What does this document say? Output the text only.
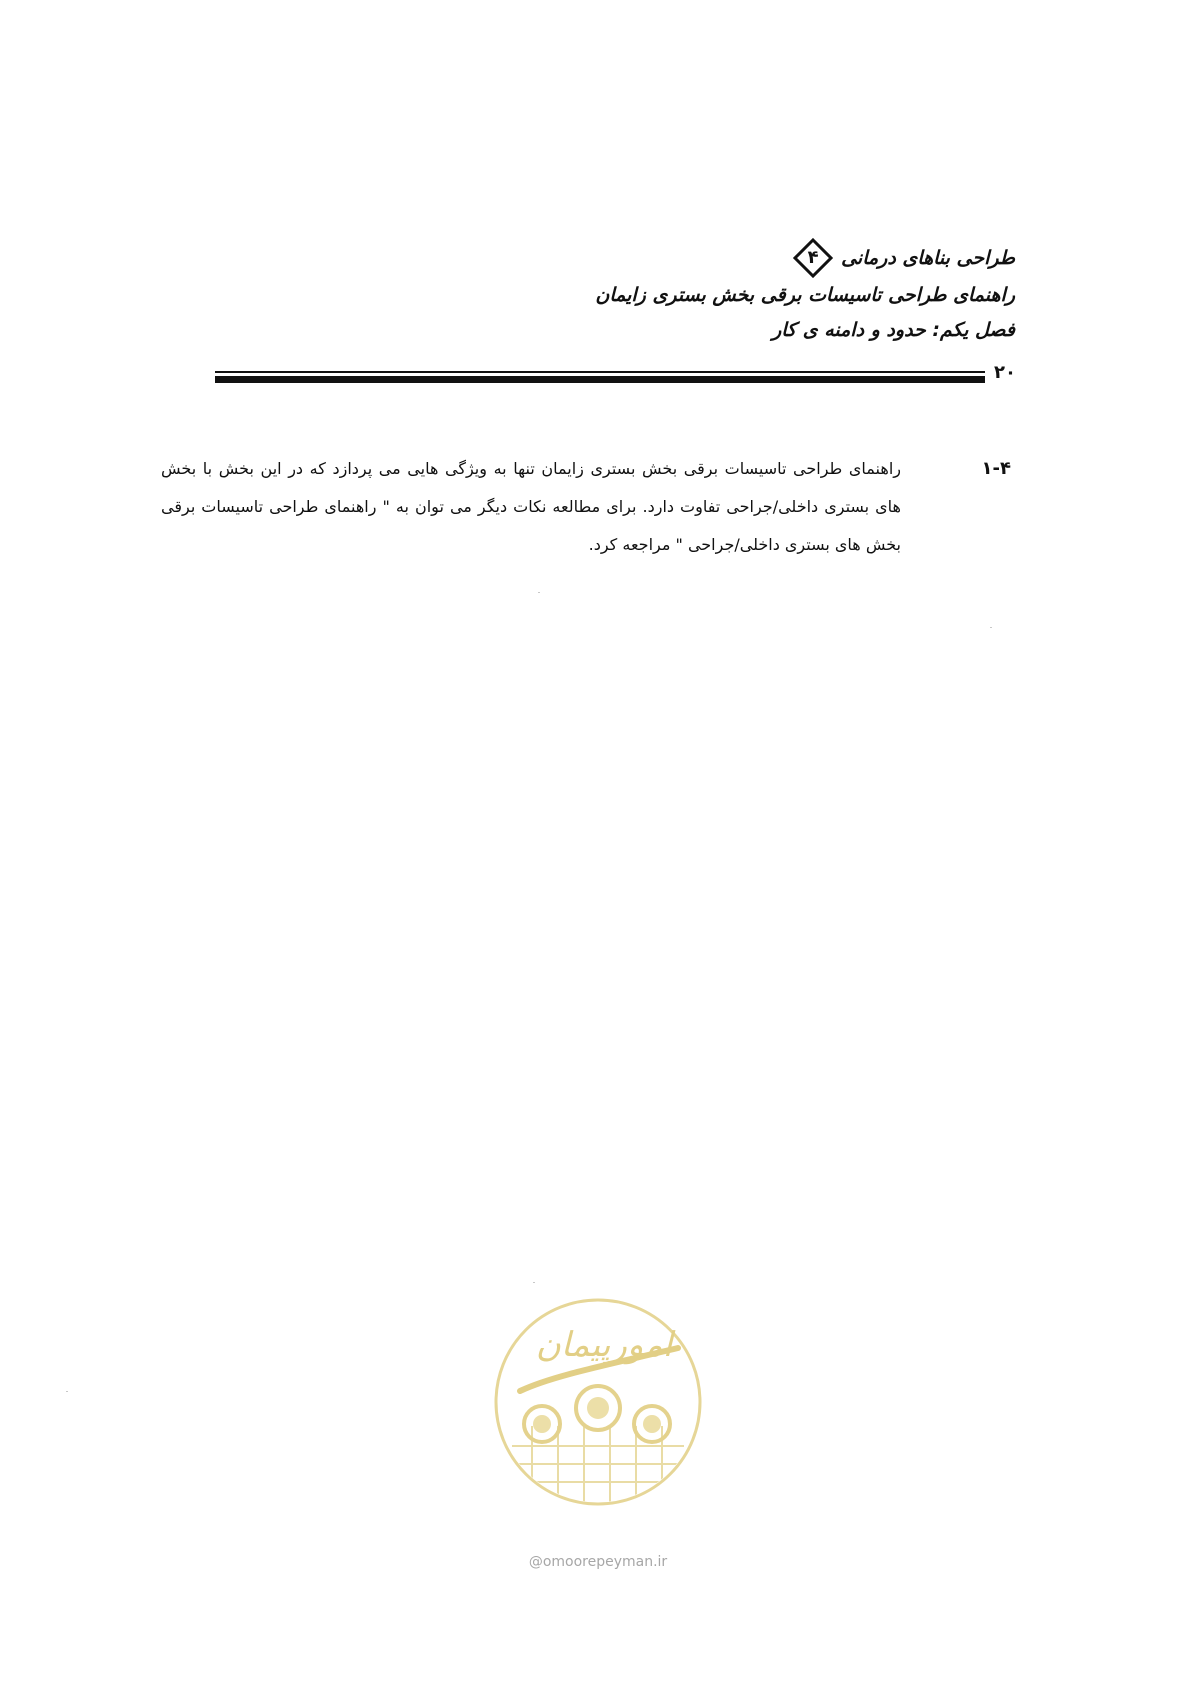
طراحی بناهای درمانی
۴
راهنمای طراحی تاسیسات برقی بخش بستری زایمان
فصل یکم: حدود و دامنه ی کار
۲۰
۱-۴
راهنمای طراحی تاسیسات برقی بخش بستری زایمان تنها به ویژگی هایی می پردازد که در این بخش با بخش های بستری داخلی/جراحی تفاوت دارد. برای مطالعه نکات دیگر می توان به " راهنمای طراحی تاسیسات برقی بخش های بستری داخلی/جراحی " مراجعه کرد.
امورپیمان
@omoorepeyman.ir
